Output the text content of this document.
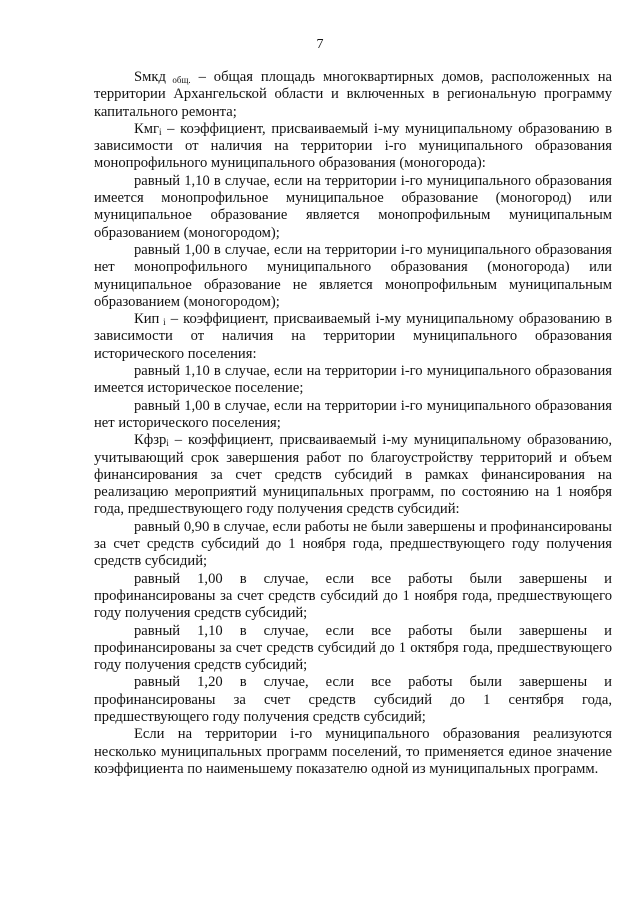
7

Sмкд $_{общ.}$ – общая площадь многоквартирных домов, расположенных на территории Архангельской области и включенных в региональную программу капитального ремонта;

Кмг$_i$ – коэффициент, присваиваемый i-му муниципальному образованию в зависимости от наличия на территории i-го муниципального образования монопрофильного муниципального образования (моногорода):

равный 1,10 в случае, если на территории i-го муниципального образования имеется монопрофильное муниципальное образование (моногород) или муниципальное образование является монопрофильным муниципальным образованием (моногородом);

равный 1,00 в случае, если на территории i-го муниципального образования нет монопрофильного муниципального образования (моногорода) или муниципальное образование не является монопрофильным муниципальным образованием (моногородом);

Кип $_i$ – коэффициент, присваиваемый i-му муниципальному образованию в зависимости от наличия на территории муниципального образования исторического поселения:

равный 1,10 в случае, если на территории i-го муниципального образования имеется историческое поселение;

равный 1,00 в случае, если на территории i-го муниципального образования нет исторического поселения;

Кфзр$_i$ – коэффициент, присваиваемый i-му муниципальному образованию, учитывающий срок завершения работ по благоустройству территорий и объем финансирования за счет средств субсидий в рамках финансирования на реализацию мероприятий муниципальных программ, по состоянию на 1 ноября года, предшествующего году получения средств субсидий:

равный 0,90 в случае, если работы не были завершены и профинансированы за счет средств субсидий до 1 ноября года, предшествующего году получения средств субсидий;

равный 1,00 в случае, если все работы были завершены и профинансированы за счет средств субсидий до 1 ноября года, предшествующего году получения средств субсидий;

равный 1,10 в случае, если все работы были завершены и профинансированы за счет средств субсидий до 1 октября года, предшествующего году получения средств субсидий;

равный 1,20 в случае, если все работы были завершены и профинансированы за счет средств субсидий до 1 сентября года, предшествующего году получения средств субсидий;

Если на территории i-го муниципального образования реализуются несколько муниципальных программ поселений, то применяется единое значение коэффициента по наименьшему показателю одной из муниципальных программ.
